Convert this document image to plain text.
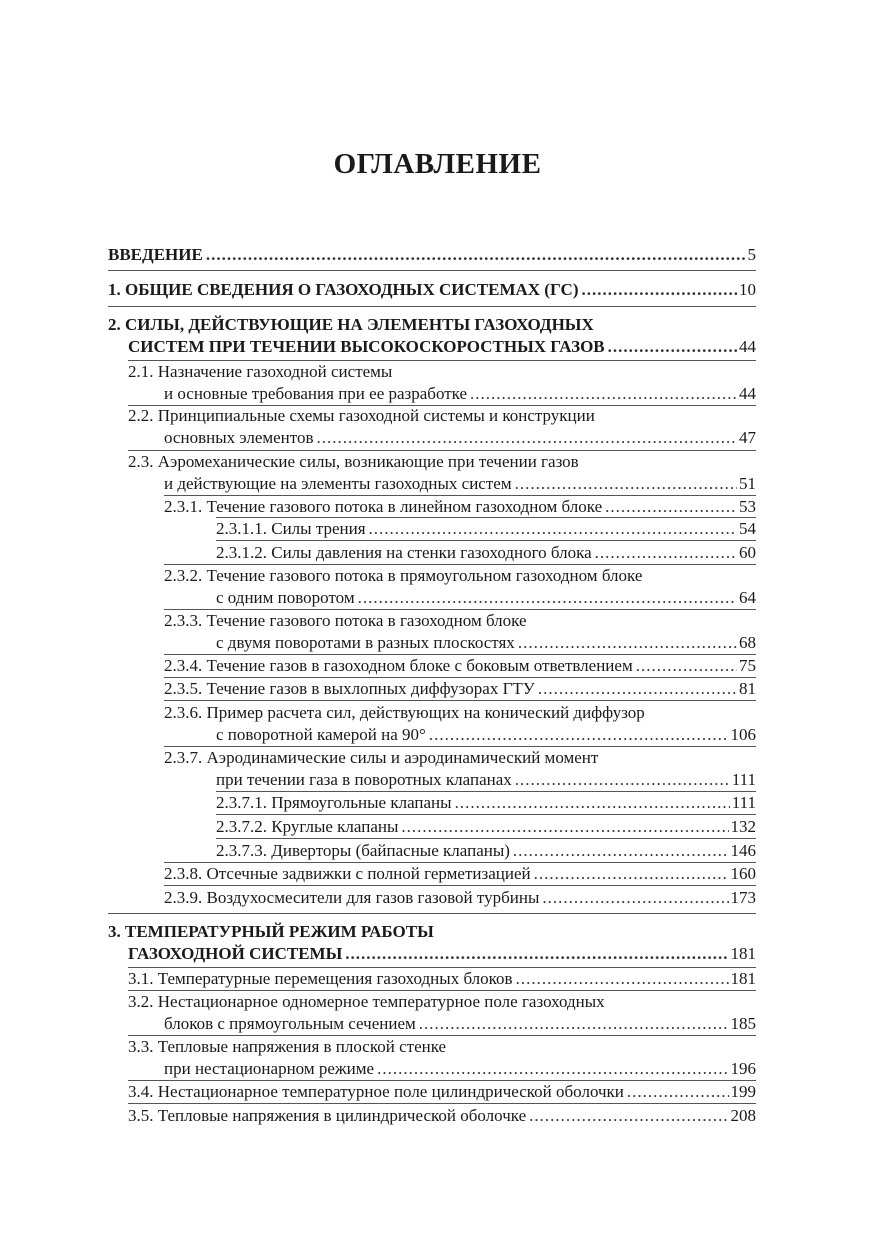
ОГЛАВЛЕНИЕ
ВВЕДЕНИЕ .....	5
1. ОБЩИЕ СВЕДЕНИЯ О ГАЗОХОДНЫХ СИСТЕМАХ (ГС) .....	10
2. СИЛЫ, ДЕЙСТВУЮЩИЕ НА ЭЛЕМЕНТЫ ГАЗОХОДНЫХ
СИСТЕМ ПРИ ТЕЧЕНИИ ВЫСОКОСКОРОСТНЫХ ГАЗОВ .....	44
2.1. Назначение газоходной системы
и основные требования при ее разработке .....	44
2.2. Принципиальные схемы газоходной системы и конструкции
основных элементов .....	47
2.3. Аэромеханические силы, возникающие при течении газов
и действующие на элементы газоходных систем .....	51
2.3.1. Течение газового потока в линейном газоходном блоке .....	53
2.3.1.1. Силы трения .....	54
2.3.1.2. Силы давления на стенки газоходного блока .....	60
2.3.2. Течение газового потока в прямоугольном газоходном блоке
с одним поворотом .....	64
2.3.3. Течение газового потока в газоходном блоке
с двумя поворотами в разных плоскостях .....	68
2.3.4. Течение газов в газоходном блоке с боковым ответвлением .....	75
2.3.5. Течение газов в выхлопных диффузорах ГТУ .....	81
2.3.6. Пример расчета сил, действующих на конический диффузор
с поворотной камерой на 90° .....	106
2.3.7. Аэродинамические силы и аэродинамический момент
при течении газа в поворотных клапанах .....	111
2.3.7.1. Прямоугольные клапаны .....	111
2.3.7.2. Круглые клапаны .....	132
2.3.7.3. Диверторы (байпасные клапаны) .....	146
2.3.8. Отсечные задвижки с полной герметизацией .....	160
2.3.9. Воздухосмесители для газов газовой турбины .....	173
3. ТЕМПЕРАТУРНЫЙ РЕЖИМ РАБОТЫ
ГАЗОХОДНОЙ СИСТЕМЫ .....	181
3.1. Температурные перемещения газоходных блоков .....	181
3.2. Нестационарное одномерное температурное поле газоходных
блоков с прямоугольным сечением .....	185
3.3. Тепловые напряжения в плоской стенке
при нестационарном режиме .....	196
3.4. Нестационарное температурное поле цилиндрической оболочки .....	199
3.5. Тепловые напряжения в цилиндрической оболочке .....	208
